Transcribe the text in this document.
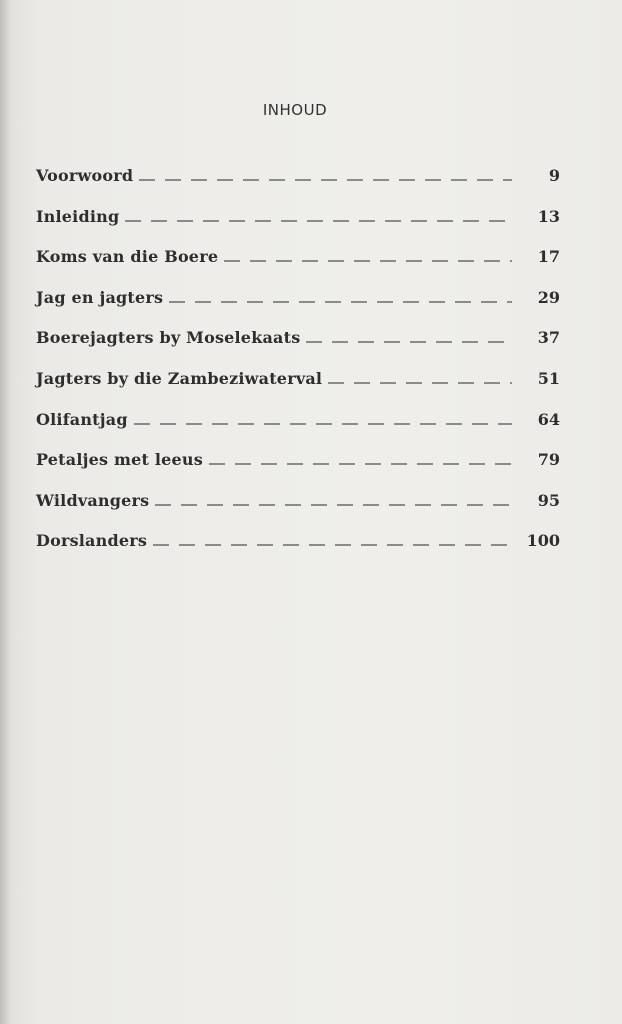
INHOUD
Voorwoord	9
Inleiding	13
Koms van die Boere	17
Jag en jagters	29
Boerejagters by Moselekaats	37
Jagters by die Zambeziwaterval	51
Olifantjag	64
Petaljes met leeus	79
Wildvangers	95
Dorslanders	100
